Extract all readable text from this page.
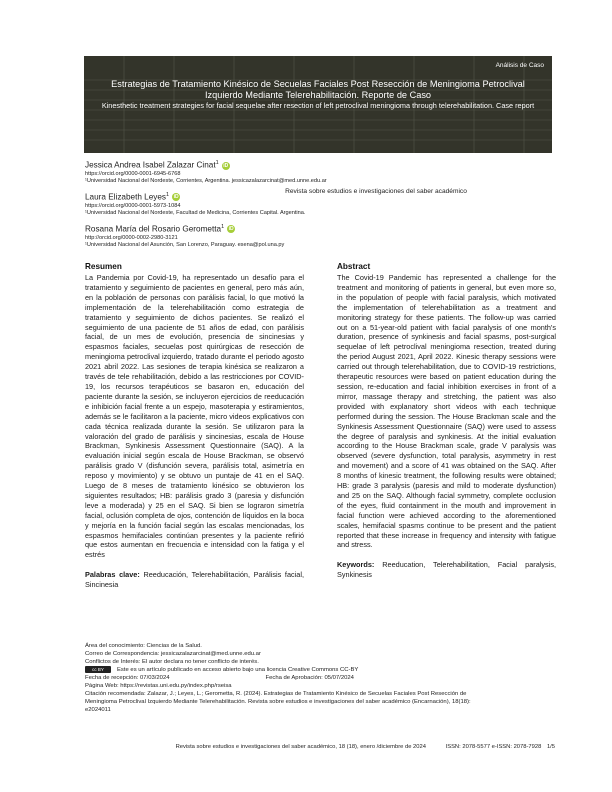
Análisis de Caso
Estrategias de Tratamiento Kinésico de Secuelas Faciales Post Resección de Meningioma Petroclival Izquierdo Mediante Telerehabilitación. Reporte de Caso
Kinesthetic treatment strategies for facial sequelae after resection of left petroclival meningioma through telerehabilitation. Case report
Revista sobre estudios e investigaciones del saber académico
Jessica Andrea Isabel Zalazar Cinat$^1$ iD
https://orcid.org/0000-0001-6945-6768
¹Universidad Nacional del Nordeste, Corrientes, Argentina. jessicazalazarcinat@med.unne.edu.ar
Laura Elizabeth Leyes$^1$ iD
https://orcid.org/0000-0001-5973-1084
¹Universidad Nacional del Nordeste, Facultad de Medicina, Corrientes Capital. Argentina.
Rosana María del Rosario Gerometta$^1$ iD
http://orcid.org/0000-0002-2980-3121
¹Universidad Nacional del Asunción, San Lorenzo, Paraguay. esena@pol.una.py
Resumen

La Pandemia por Covid-19, ha representado un desafío para el tratamiento y seguimiento de pacientes en general, pero más aún, en la población de personas con parálisis facial, lo que motivó la implementación de la telerehabilitación como estrategia de tratamiento y seguimiento de dichos pacientes. Se realizó el seguimiento de una paciente de 51 años de edad, con parálisis facial, de un mes de evolución, presencia de sincinesias y espasmos faciales, secuelas post quirúrgicas de resección de meningioma petroclival izquierdo, tratado durante el periodo agosto 2021 abril 2022. Las sesiones de terapia kinésica se realizaron a través de tele rehabilitación, debido a las restricciones por COVID-19, los recursos terapéuticos se basaron en, educación del paciente durante la sesión, se incluyeron ejercicios de reeducación e inhibición facial frente a un espejo, masoterapia y estiramientos, además se le facilitaron a la paciente, micro videos explicativos con cada técnica realizada durante la sesión. Se utilizaron para la valoración del grado de parálisis y sincinesias, escala de House Brackman, Synkinesis Assessment Questionnaire (SAQ). A la evaluación inicial según escala de House Brackman, se observó parálisis grado V (disfunción severa, parálisis total, asimetría en reposo y movimiento) y se obtuvo un puntaje de 41 en el SAQ. Luego de 8 meses de tratamiento kinésico se obtuvieron los siguientes resultados; HB: parálisis grado 3 (paresia y disfunción leve a moderada) y 25 en el SAQ. Si bien se lograron simetría facial, oclusión completa de ojos, contención de líquidos en la boca y mejoría en la función facial según las escalas mencionadas, los espasmos hemifaciales continúan presentes y la paciente refirió que estos aumentan en frecuencia e intensidad con la fatiga y el estrés

Palabras clave: Reeducación, Telerehabilitación, Parálisis facial, Sincinesia

Abstract

The Covid-19 Pandemic has represented a challenge for the treatment and monitoring of patients in general, but even more so, in the population of people with facial paralysis, which motivated the implementation of telerehabilitation as a treatment and monitoring strategy for these patients. The follow-up was carried out on a 51-year-old patient with facial paralysis of one month's duration, presence of synkinesis and facial spasms, post-surgical sequelae of left petroclival meningioma resection, treated during the period August 2021, April 2022. Kinesic therapy sessions were carried out through telerehabilitation, due to COVID-19 restrictions, therapeutic resources were based on patient education during the session, re-education and facial inhibition exercises in front of a mirror, massage therapy and stretching, the patient was also provided with explanatory short videos with each technique performed during the session. The House Brackman scale and the Synkinesis Assessment Questionnaire (SAQ) were used to assess the degree of paralysis and synkinesis. At the initial evaluation according to the House Brackman scale, grade V paralysis was observed (severe dysfunction, total paralysis, asymmetry in rest and movement) and a score of 41 was obtained on the SAQ. After 8 months of kinesic treatment, the following results were obtained; HB: grade 3 paralysis (paresis and mild to moderate dysfunction) and 25 on the SAQ. Although facial symmetry, complete occlusion of the eyes, fluid containment in the mouth and improvement in facial function were achieved according to the aforementioned scales, hemifacial spasms continue to be present and the patient reported that these increase in frequency and intensity with fatigue and stress.

Keywords: Reeducation, Telerehabilitation, Facial paralysis, Synkinesis

Área del conocimiento: Ciencias de la Salud.
Correo de Correspondencia: jessicazalazarcinat@med.unne.edu.ar
Conflictos de Interés: El autor declara no tener conflicto de interés.
cc BY Este es un artículo publicado en acceso abierto bajo una licencia Creative Commons CC-BY
Fecha de recepción: 07/03/2024	Fecha de Aprobación: 05/07/2024
Página Web: https://revistas.uni.edu.py/index.php/rseisa
Citación recomendada: Zalazar, J.; Leyes, L.; Gerometta, R. (2024). Estrategias de Tratamiento Kinésico de Secuelas Faciales Post Resección de
Meningioma Petroclival Izquierdo Mediante Telerehabilitación. Revista sobre estudios e investigaciones del saber académico (Encarnación), 18(18):
e2024011
Revista sobre estudios e investigaciones del saber académico, 18 (18), enero /diciembre de 2024	ISSN: 2078-5577 e-ISSN: 2078-7928 1/5
